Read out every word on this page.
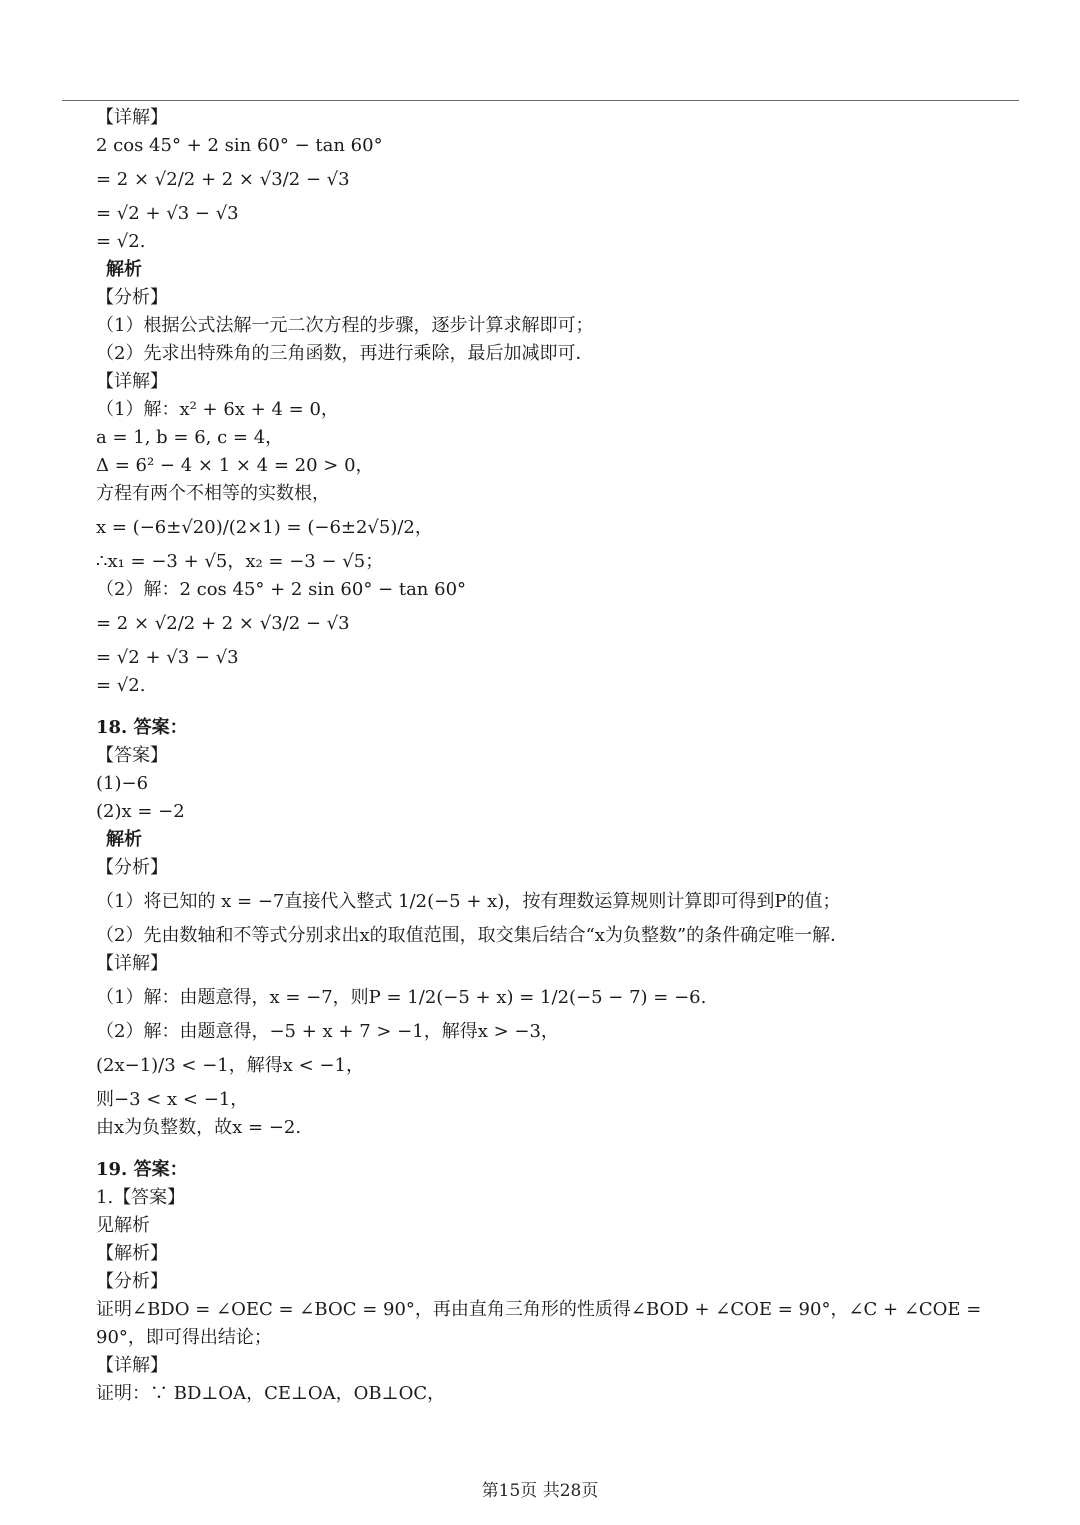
【详解】
2 cos 45° + 2 sin 60° − tan 60°
= 2 × √2/2 + 2 × √3/2 − √3
= √2 + √3 − √3
= √2.
解析
【分析】
（1）根据公式法解一元二次方程的步骤，逐步计算求解即可；
（2）先求出特殊角的三角函数，再进行乘除，最后加减即可．
【详解】
（1）解：x² + 6x + 4 = 0，
a = 1, b = 6, c = 4，
Δ = 6² − 4 × 1 × 4 = 20 > 0，
方程有两个不相等的实数根，
x = (−6±√20)/(2×1) = (−6±2√5)/2，
∴x₁ = −3 + √5，x₂ = −3 − √5；
（2）解：2 cos 45° + 2 sin 60° − tan 60°
= 2 × √2/2 + 2 × √3/2 − √3
= √2 + √3 − √3
= √2.
18. 答案：
【答案】
(1)−6
(2)x = −2
解析
【分析】
（1）将已知的 x = −7直接代入整式 1/2(−5 + x)，按有理数运算规则计算即可得到P的值；
（2）先由数轴和不等式分别求出x的取值范围，取交集后结合“x为负整数”的条件确定唯一解．
【详解】
（1）解：由题意得，x = −7，则P = 1/2(−5 + x) = 1/2(−5 − 7) = −6.
（2）解：由题意得，−5 + x + 7 > −1，解得x > −3，
(2x−1)/3 < −1，解得x < −1，
则−3 < x < −1，
由x为负整数，故x = −2.
19. 答案：
1.【答案】
见解析
【解析】
【分析】
证明∠BDO = ∠OEC = ∠BOC = 90°，再由直角三角形的性质得∠BOD + ∠COE = 90°，∠C + ∠COE =
90°，即可得出结论；
【详解】
证明：∵ BD⊥OA，CE⊥OA，OB⊥OC，
第15页 共28页
